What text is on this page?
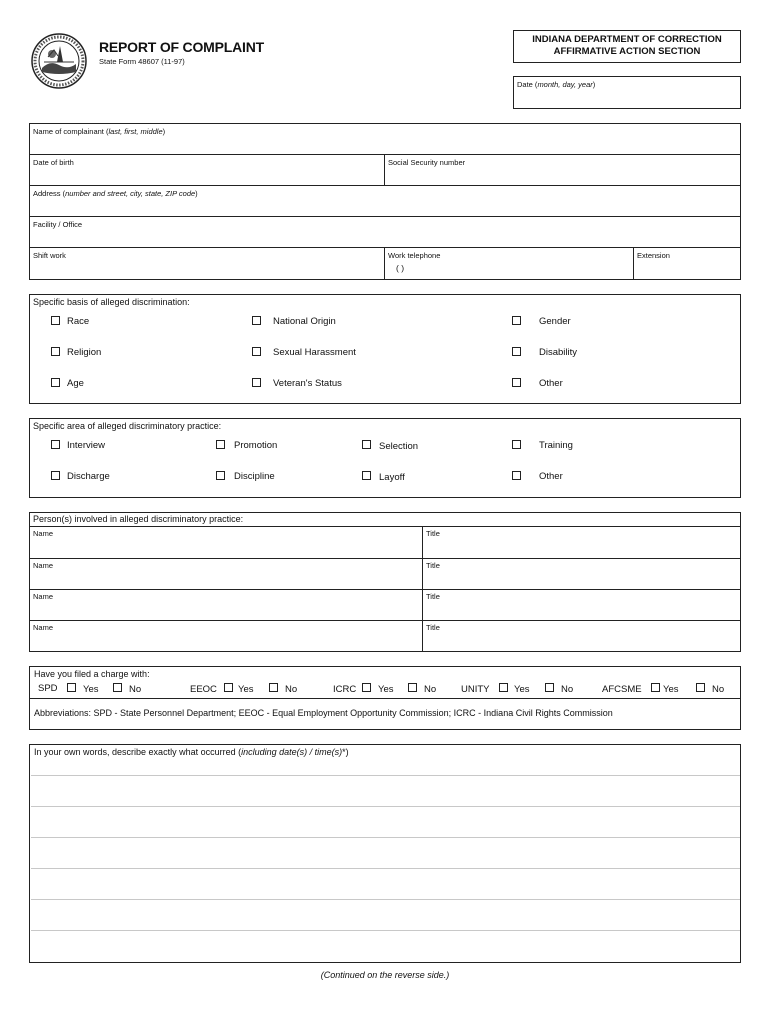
REPORT OF COMPLAINT
State Form 48607 (11-97)
INDIANA DEPARTMENT OF CORRECTION
AFFIRMATIVE ACTION SECTION
Date (month, day, year)
Name of complainant (last, first, middle)
Date of birth	Social Security number
Address (number and street, city, state, ZIP code)
Facility / Office
Shift work	Work telephone
( )
Extension
Specific basis of alleged discrimination:
Race	National Origin	Gender
Religion	Sexual Harassment	Disability
Age	Veteran's Status	Other
Specific area of alleged discriminatory practice:
Interview	Promotion	Selection	Training
Discharge	Discipline	Layoff	Other
Person(s) involved in alleged discriminatory practice:
Name	Title
Name	Title
Name	Title
Name	Title
Have you filed a charge with:
SPD	Yes	No	EEOC Yes	No	ICRC Yes	No	UNITY	Yes	No	AFCSME Yes	No
Abbreviations: SPD - State Personnel Department; EEOC - Equal Employment Opportunity Commission; ICRC - Indiana Civil Rights Commission
In your own words, describe exactly what occurred (including date(s) / time(s)*)
(Continued on the reverse side.)
